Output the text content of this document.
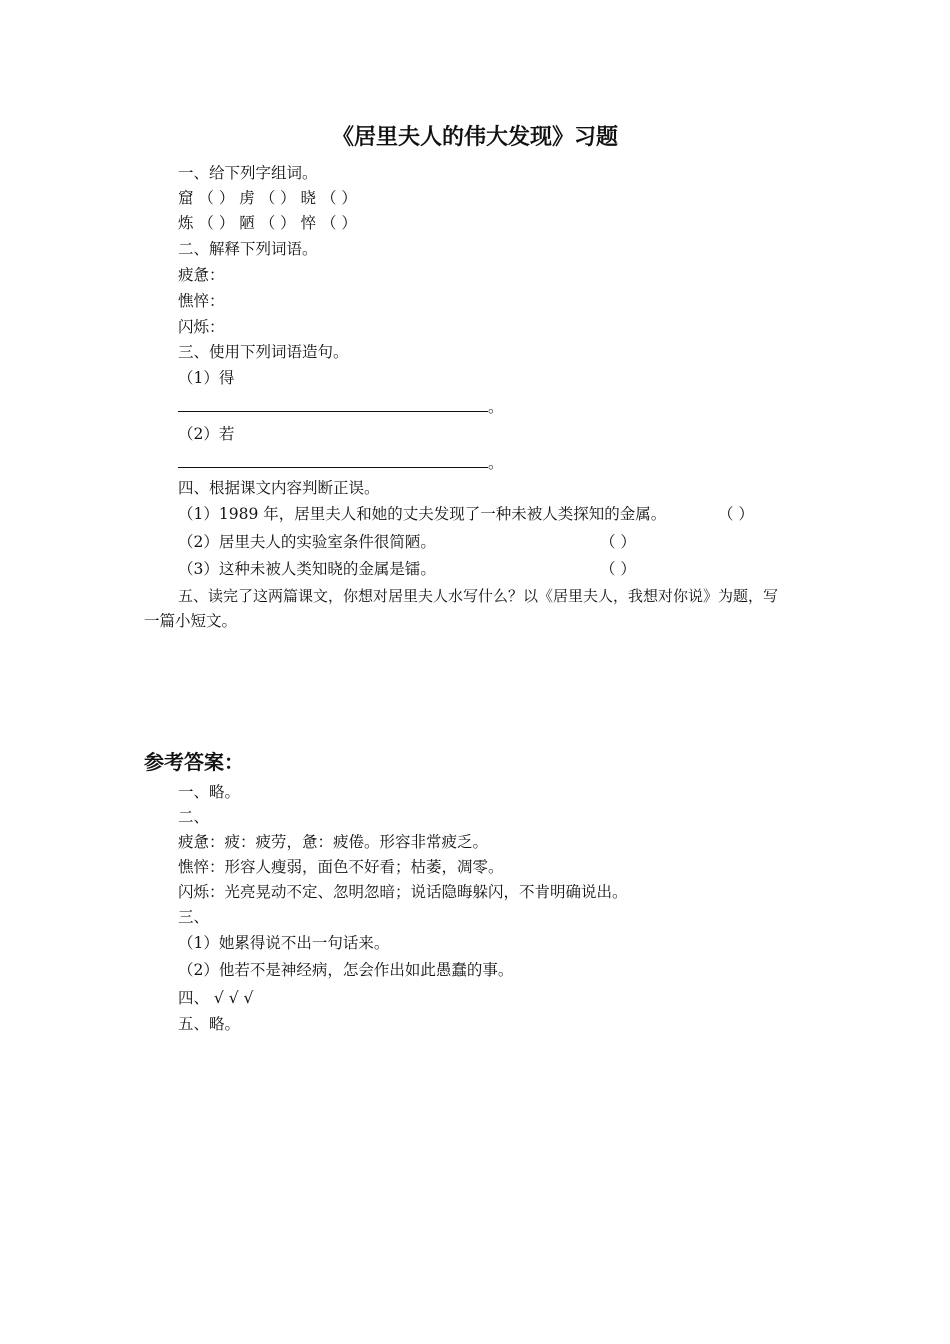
《居里夫人的伟大发现》习题
一、给下列字组词。
窟 （ ） 虏 （ ） 晓 （ ）
炼 （ ） 陋 （ ） 悴 （ ）
二、解释下列词语。
疲惫：
憔悴：
闪烁：
三、使用下列词语造句。
（1）得
。
（2）若
。
四、根据课文内容判断正误。
（1）1989 年，居里夫人和她的丈夫发现了一种未被人类探知的金属。	（ ）
（2）居里夫人的实验室条件很简陋。	（ ）
（3）这种未被人类知晓的金属是镭。	（ ）
五、读完了这两篇课文，你想对居里夫人水写什么？以《居里夫人，我想对你说》为题，写
一篇小短文。
参考答案：
一、略。
二、
疲惫：疲：疲劳，惫：疲倦。形容非常疲乏。
憔悴：形容人瘦弱，面色不好看；枯萎，凋零。
闪烁：光亮晃动不定、忽明忽暗；说话隐晦躲闪，不肯明确说出。
三、
（1）她累得说不出一句话来。
（2）他若不是神经病，怎会作出如此愚蠢的事。
四、 √ √ √
五、略。
